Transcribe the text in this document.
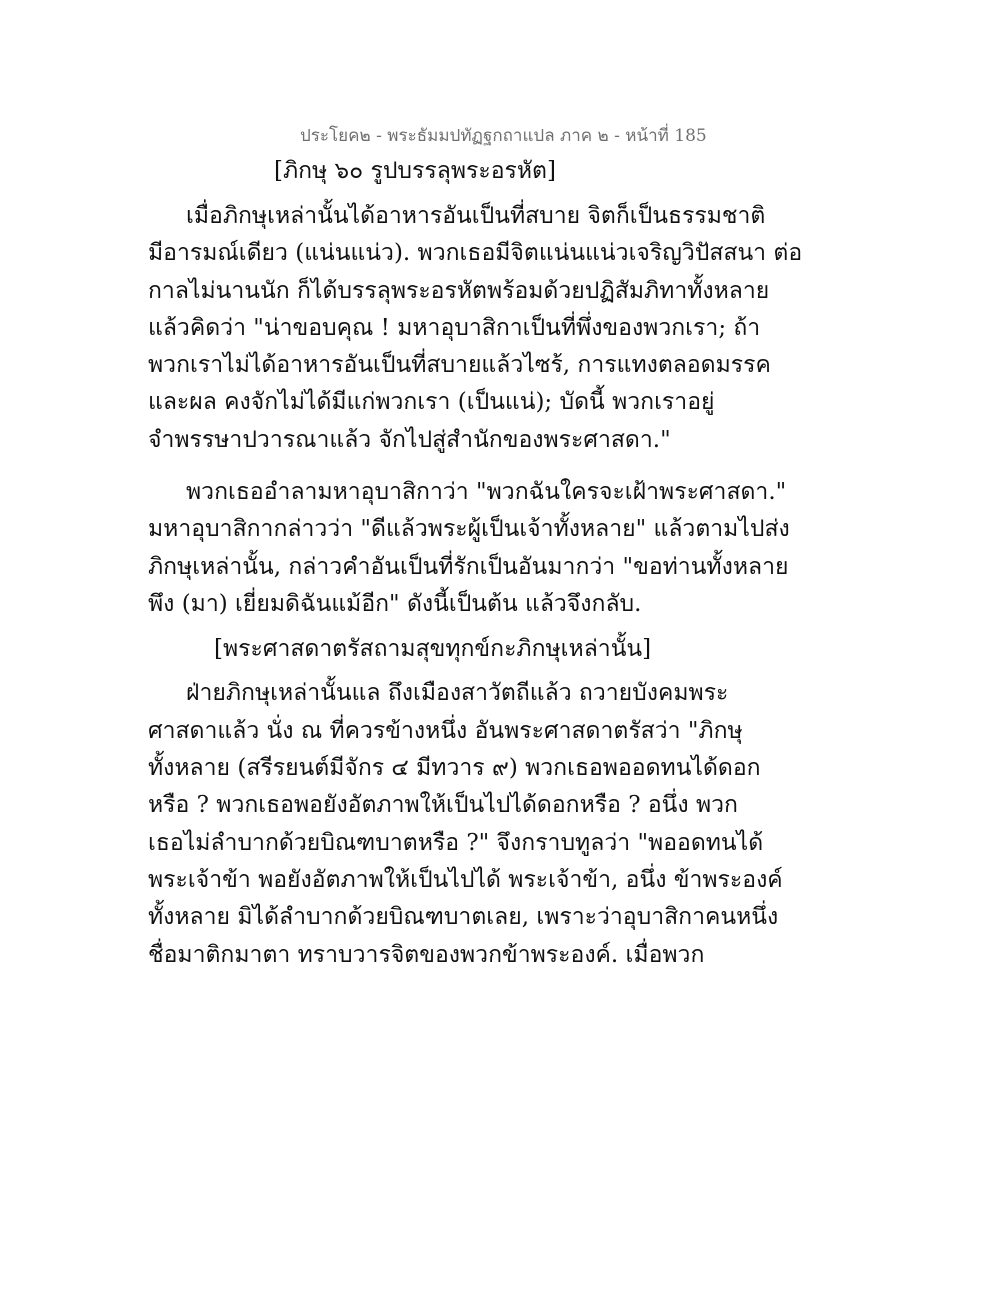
ประโยค๒ - พระธัมมปทัฏฐกถาแปล ภาค ๒ - หน้าที่ 185
[ภิกษุ ๖๐ รูปบรรลุพระอรหัต]
เมื่อภิกษุเหล่านั้นได้อาหารอันเป็นที่สบาย จิตก็เป็นธรรมชาติ
มีอารมณ์เดียว (แน่นแน่ว). พวกเธอมีจิตแน่นแน่วเจริญวิปัสสนา ต่อ
กาลไม่นานนัก ก็ได้บรรลุพระอรหัตพร้อมด้วยปฏิสัมภิทาทั้งหลาย
แล้วคิดว่า "น่าขอบคุณ ! มหาอุบาสิกาเป็นที่พึ่งของพวกเรา; ถ้า
พวกเราไม่ได้อาหารอันเป็นที่สบายแล้วไซร้, การแทงตลอดมรรค
และผล คงจักไม่ได้มีแก่พวกเรา (เป็นแน่); บัดนี้ พวกเราอยู่
จำพรรษาปวารณาแล้ว จักไปสู่สำนักของพระศาสดา."
พวกเธออำลามหาอุบาสิกาว่า "พวกฉันใครจะเฝ้าพระศาสดา."
มหาอุบาสิกากล่าวว่า "ดีแล้วพระผู้เป็นเจ้าทั้งหลาย" แล้วตามไปส่ง
ภิกษุเหล่านั้น, กล่าวคำอันเป็นที่รักเป็นอันมากว่า "ขอท่านทั้งหลาย
พึง (มา) เยี่ยมดิฉันแม้อีก" ดังนี้เป็นต้น แล้วจึงกลับ.
[พระศาสดาตรัสถามสุขทุกข์กะภิกษุเหล่านั้น]
ฝ่ายภิกษุเหล่านั้นแล ถึงเมืองสาวัตถีแล้ว ถวายบังคมพระ
ศาสดาแล้ว นั่ง ณ ที่ควรข้างหนึ่ง อันพระศาสดาตรัสว่า "ภิกษุ
ทั้งหลาย (สรีรยนต์มีจักร ๔ มีทวาร ๙) พวกเธอพออดทนได้ดอก
หรือ ? พวกเธอพอยังอัตภาพให้เป็นไปได้ดอกหรือ ? อนึ่ง พวก
เธอไม่ลำบากด้วยบิณฑบาตหรือ ?" จึงกราบทูลว่า "พออดทนได้
พระเจ้าข้า พอยังอัตภาพให้เป็นไปได้ พระเจ้าข้า, อนึ่ง ข้าพระองค์
ทั้งหลาย มิได้ลำบากด้วยบิณฑบาตเลย, เพราะว่าอุบาสิกาคนหนึ่ง
ชื่อมาติกมาตา ทราบวารจิตของพวกข้าพระองค์. เมื่อพวก
